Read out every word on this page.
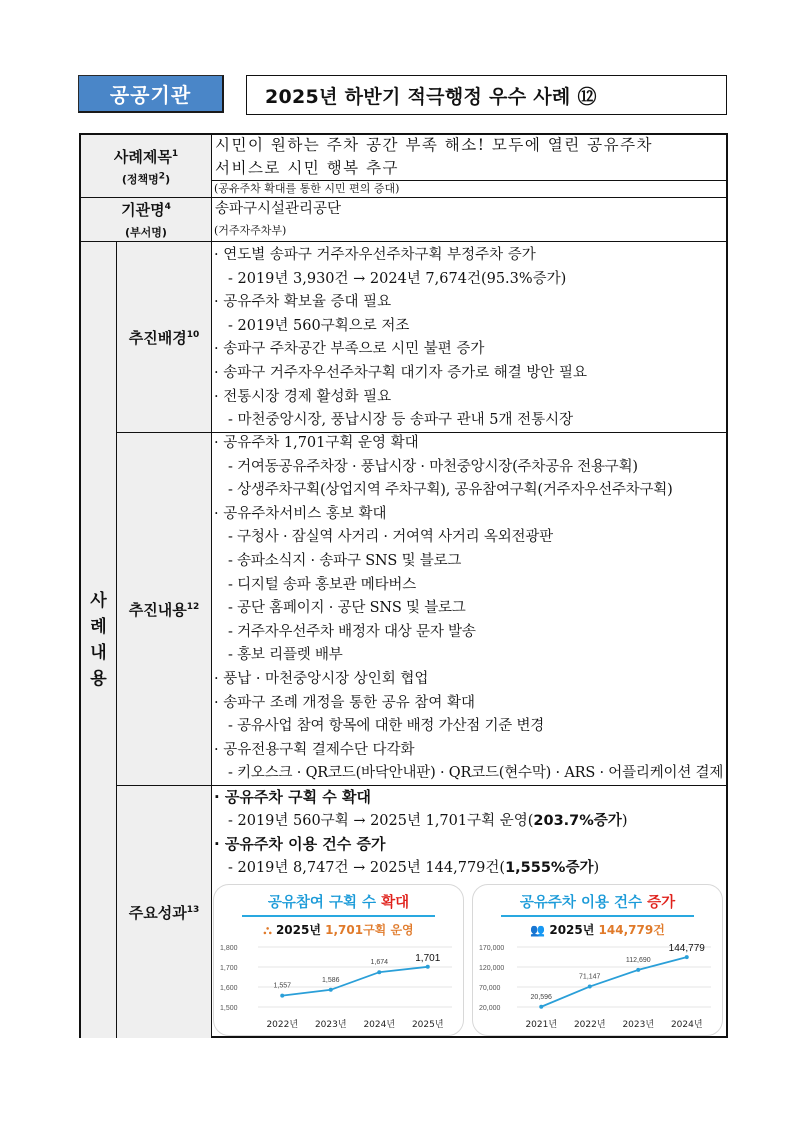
공공기관	2025년 하반기 적극행정 우수 사례 ⑫
사례제목$^1$
(정책명$^2$)
시민이 원하는 주차 공간 부족 해소! 모두에 열린 공유주차
서비스로 시민 행복 추구
(공유주차 확대를 통한 시민 편의 증대)
기관명$^4$
(부서명)
송파구시설관리공단
(거주자주차부)
사
례
내
용
추진배경$^{10}$
· 연도별 송파구 거주자우선주차구획 부정주차 증가
- 2019년 3,930건 → 2024년 7,674건(95.3%증가)
· 공유주차 확보율 증대 필요
- 2019년 560구획으로 저조
· 송파구 주차공간 부족으로 시민 불편 증가
· 송파구 거주자우선주차구획 대기자 증가로 해결 방안 필요
· 전통시장 경제 활성화 필요
- 마천중앙시장, 풍납시장 등 송파구 관내 5개 전통시장
추진내용$^{12}$
· 공유주차 1,701구획 운영 확대
- 거여동공유주차장 · 풍납시장 · 마천중앙시장(주차공유 전용구획)
- 상생주차구획(상업지역 주차구획), 공유참여구획(거주자우선주차구획)
· 공유주차서비스 홍보 확대
- 구청사 · 잠실역 사거리 · 거여역 사거리 옥외전광판
- 송파소식지 · 송파구 SNS 및 블로그
- 디지털 송파 홍보관 메타버스
- 공단 홈페이지 · 공단 SNS 및 블로그
- 거주자우선주차 배정자 대상 문자 발송
- 홍보 리플렛 배부
· 풍납 · 마천중앙시장 상인회 협업
· 송파구 조례 개정을 통한 공유 참여 확대
- 공유사업 참여 항목에 대한 배정 가산점 기준 변경
· 공유전용구획 결제수단 다각화
- 키오스크 · QR코드(바닥안내판) · QR코드(현수막) · ARS · 어플리케이션 결제
주요성과$^{13}$
· 공유주차 구획 수 확대
- 2019년 560구획 → 2025년 1,701구획 운영(203.7%증가)
· 공유주차 이용 건수 증가
- 2019년 8,747건 → 2025년 144,779건(1,555%증가)
공유참여 구획 수 확대
⛬ 2025년 1,701구획 운영
1,800
1,700
1,600
1,500
1,557
2022년
1,586
2023년
1,674
2024년
1,701
2025년
공유주차 이용 건수 증가
👥 2025년 144,779건
170,000
120,000
70,000
20,000
20,596
2021년
71,147
2022년
112,690
2023년
144,779
2024년
